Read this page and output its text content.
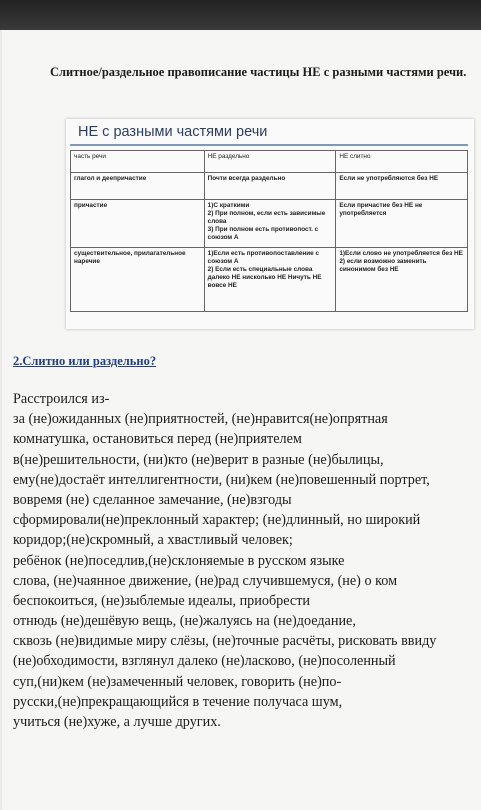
Слитное/раздельное правописание частицы НЕ с разными частями речи.
НЕ с разными частями речи
часть речи	НЕ раздельно	НЕ слитно
глагол и деепричастие	Почти всегда раздельно	Если не употребляются без НЕ
причастие	1)С краткими
2) При полном, если есть зависимые слова
3) При полном есть противопост. с союзом А	Если причастие без НЕ не употребляется
существительное, прилагательное наречие	1)Если есть противопоставление с союзом А
2) Если есть специальные слова
далеко НЕ нисколько НЕ Ничуть НЕ вовсе НЕ	1)Если слово не употребляется без НЕ
2) если возможно заменить синонимом без НЕ
2.Слитно или раздельно?
Расстроился из-
за (не)ожиданных (не)приятностей, (не)нравится(не)опрятная
комнатушка, остановиться перед (не)приятелем
в(не)решительности, (ни)кто (не)верит в разные (не)былицы,
ему(не)достаёт интеллигентности, (ни)кем (не)повешенный портрет,
вовремя (не) сделанное замечание, (не)взгоды
сформировали(не)преклонный характер; (не)длинный, но широкий
коридор;(не)скромный, а хвастливый человек;
ребёнок (не)поседлив,(не)склоняемые в русском языке
слова, (не)чаянное движение, (не)рад случившемуся, (не) о ком
беспокоиться, (не)зыблемые идеалы, приобрести
отнюдь (не)дешёвую вещь, (не)жалуясь на (не)доедание,
сквозь (не)видимые миру слёзы, (не)точные расчёты, рисковать ввиду
(не)обходимости, взглянул далеко (не)ласково, (не)посоленный
суп,(ни)кем (не)замеченный человек, говорить (не)по-
русски,(не)прекращающийся в течение получаса шум,
учиться (не)хуже, а лучше других.
